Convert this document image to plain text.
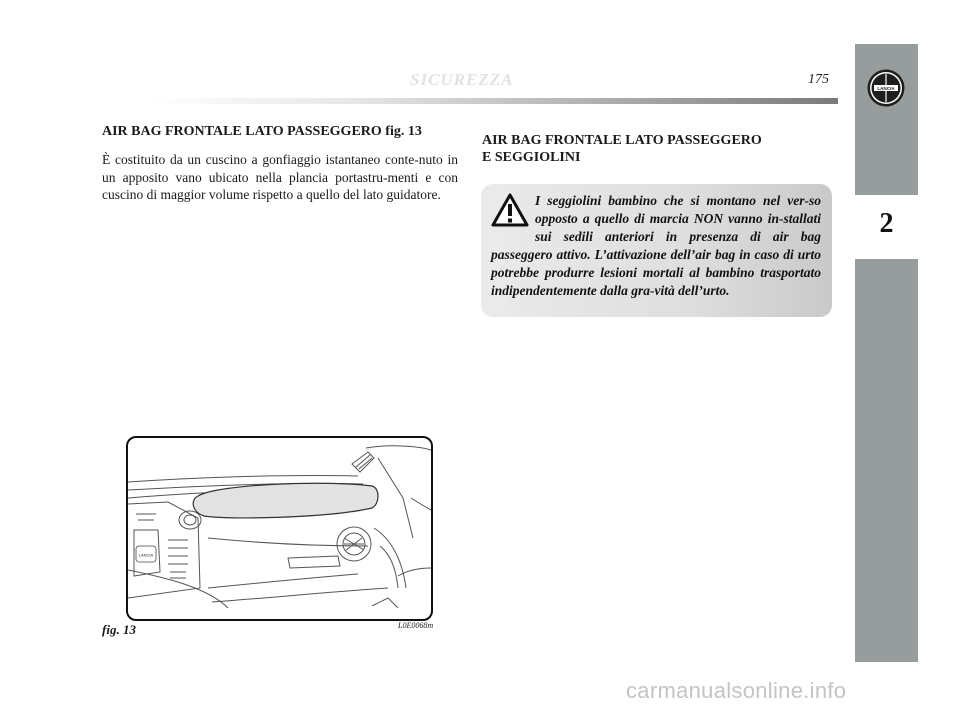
SICUREZZA	175
LANCIA
2
AIR BAG FRONTALE LATO PASSEGGERO fig. 13

È costituito da un cuscino a gonfiaggio istantaneo conte-nuto in un apposito vano ubicato nella plancia portastru-menti e con cuscino di maggior volume rispetto a quello del lato guidatore.

AIR BAG FRONTALE LATO PASSEGGERO
E SEGGIOLINI

I seggiolini bambino che si montano nel ver-so opposto a quello di marcia NON vanno in-stallati sui sedili anteriori in presenza di air bag passeggero attivo. L’attivazione dell’air bag in caso di urto potrebbe produrre lesioni mortali al bambino trasportato indipendentemente dalla gra-vità dell’urto.

LANCIA
fig. 13	L0E0068m
carmanualsonline.info
